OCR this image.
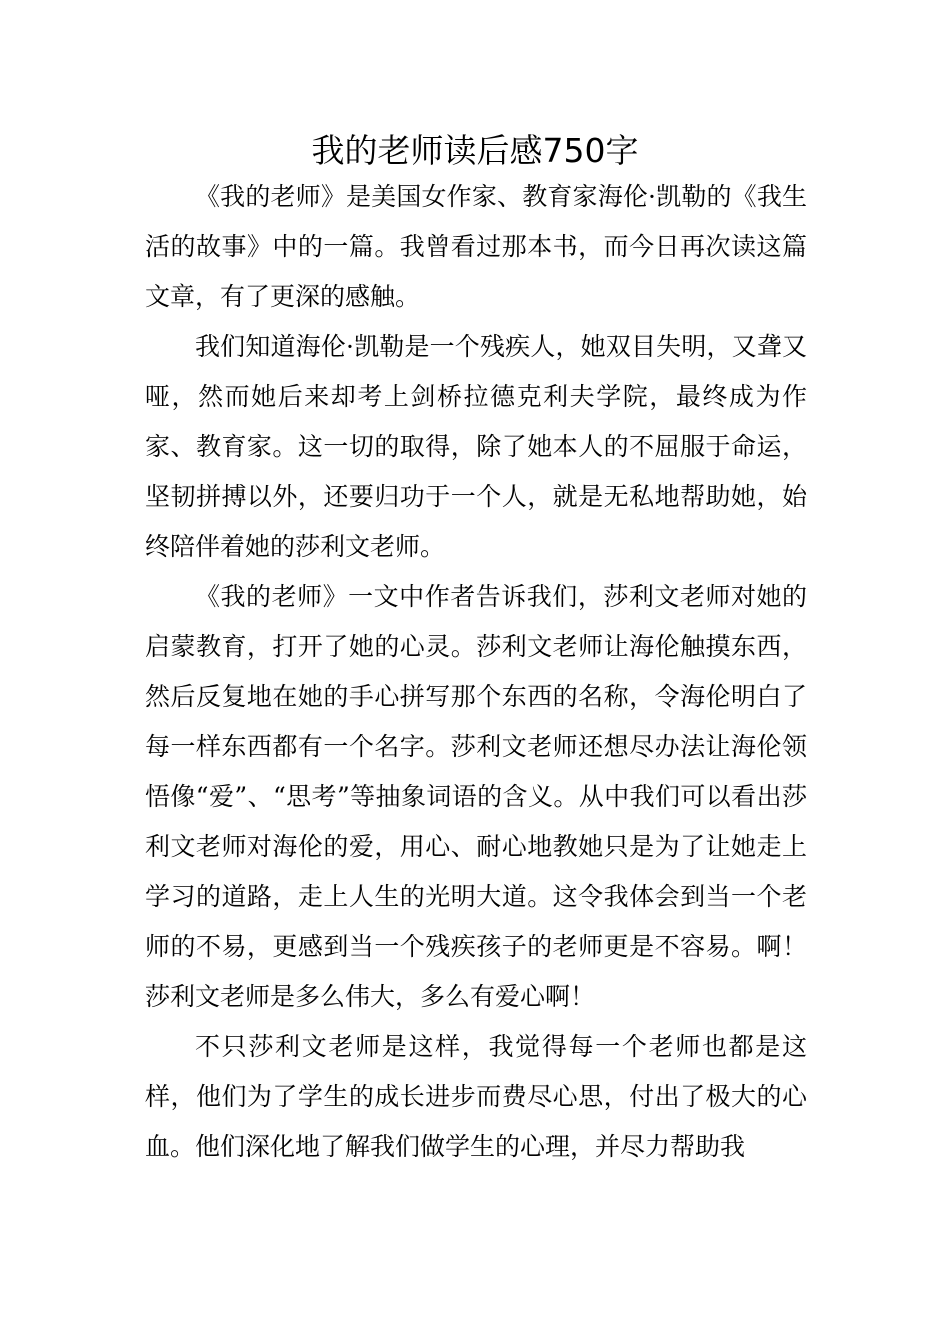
我的老师读后感750字

《我的老师》是美国女作家、教育家海伦·凯勒的《我生活的故事》中的一篇。我曾看过那本书，而今日再次读这篇文章，有了更深的感触。

我们知道海伦·凯勒是一个残疾人，她双目失明，又聋又哑，然而她后来却考上剑桥拉德克利夫学院，最终成为作家、教育家。这一切的取得，除了她本人的不屈服于命运，坚韧拼搏以外，还要归功于一个人，就是无私地帮助她，始终陪伴着她的莎利文老师。

《我的老师》一文中作者告诉我们，莎利文老师对她的启蒙教育，打开了她的心灵。莎利文老师让海伦触摸东西，然后反复地在她的手心拼写那个东西的名称，令海伦明白了每一样东西都有一个名字。莎利文老师还想尽办法让海伦领悟像“爱”、“思考”等抽象词语的含义。从中我们可以看出莎利文老师对海伦的爱，用心、耐心地教她只是为了让她走上学习的道路，走上人生的光明大道。这令我体会到当一个老师的不易，更感到当一个残疾孩子的老师更是不容易。啊！莎利文老师是多么伟大，多么有爱心啊！

不只莎利文老师是这样，我觉得每一个老师也都是这样，他们为了学生的成长进步而费尽心思，付出了极大的心血。他们深化地了解我们做学生的心理，并尽力帮助我
